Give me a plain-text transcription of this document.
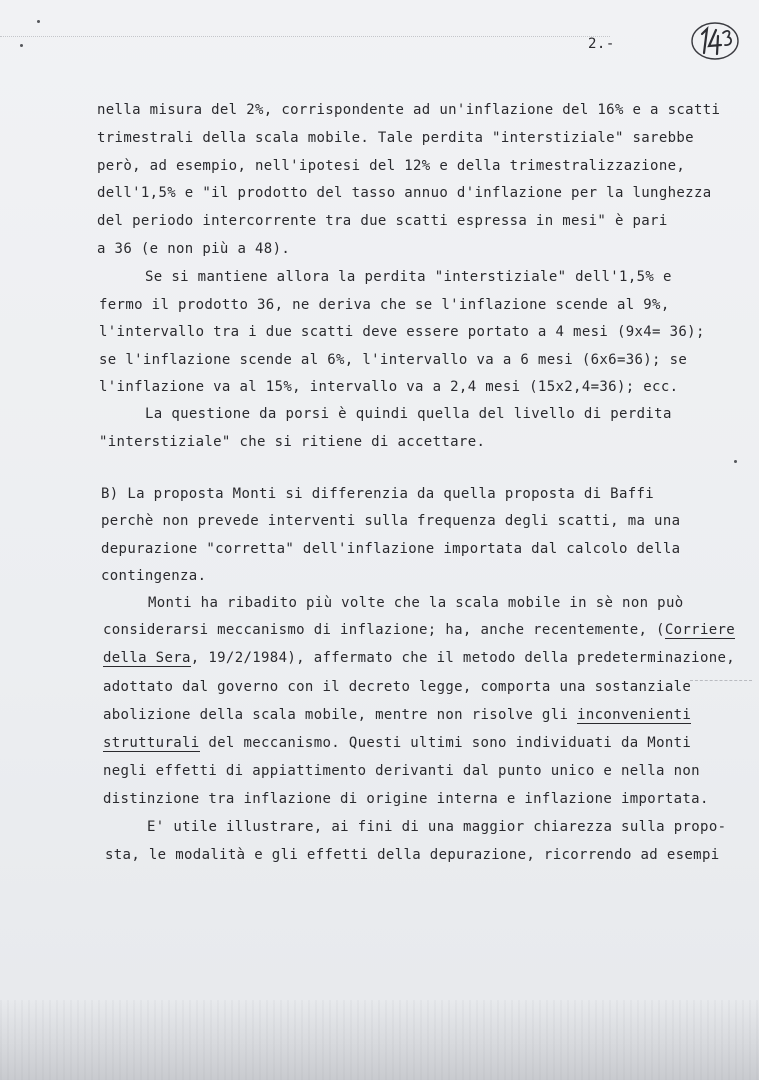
2.-
nella misura del 2%, corrispondente ad un'inflazione del 16% e a scatti
trimestrali della scala mobile. Tale perdita "interstiziale" sarebbe
però, ad esempio, nell'ipotesi del 12% e della trimestralizzazione,
dell'1,5% e "il prodotto del tasso annuo d'inflazione per la lunghezza
del periodo intercorrente tra due scatti espressa in mesi" è pari
a 36 (e non più a 48).
Se si mantiene allora la perdita "interstiziale" dell'1,5% e
fermo il prodotto 36, ne deriva che se l'inflazione scende al 9%,
l'intervallo tra i due scatti deve essere portato a 4 mesi (9x4= 36);
se l'inflazione scende al 6%, l'intervallo va a 6 mesi (6x6=36); se
l'inflazione va al 15%, intervallo va a 2,4 mesi (15x2,4=36); ecc.
La questione da porsi è quindi quella del livello di perdita
"interstiziale" che si ritiene di accettare.
B) La proposta Monti si differenzia da quella proposta di Baffi
perchè non prevede interventi sulla frequenza degli scatti, ma una
depurazione "corretta" dell'inflazione importata dal calcolo della
contingenza.
Monti ha ribadito più volte che la scala mobile in sè non può
considerarsi meccanismo di inflazione; ha, anche recentemente, (Corriere
della Sera, 19/2/1984), affermato che il metodo della predeterminazione,
adottato dal governo con il decreto legge, comporta una sostanziale
abolizione della scala mobile, mentre non risolve gli inconvenienti
strutturali del meccanismo. Questi ultimi sono individuati da Monti
negli effetti di appiattimento derivanti dal punto unico e nella non
distinzione tra inflazione di origine interna e inflazione importata.
E' utile illustrare, ai fini di una maggior chiarezza sulla propo-
sta, le modalità e gli effetti della depurazione, ricorrendo ad esempi
